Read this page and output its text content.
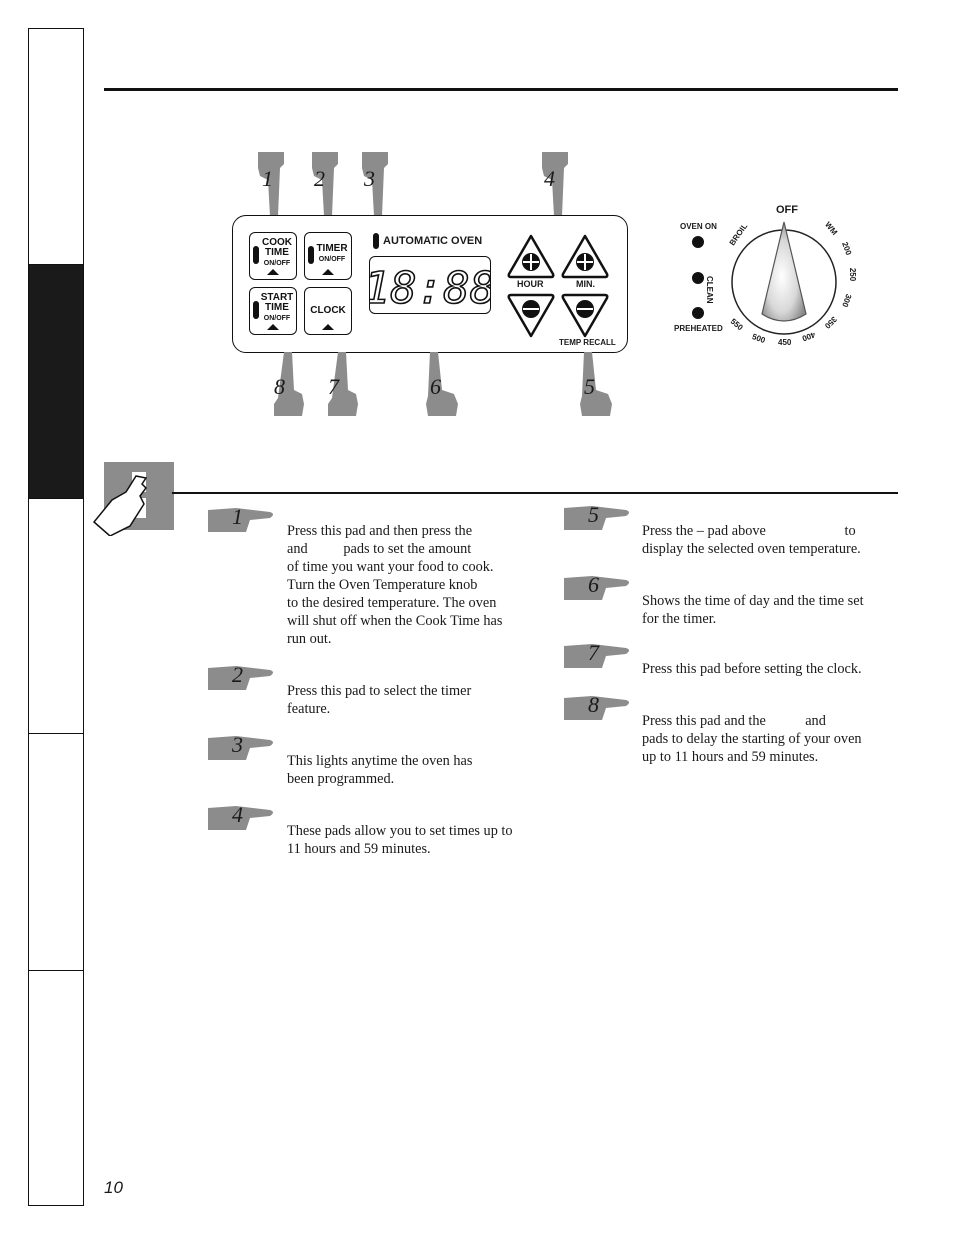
1 2 3	4
COOK
TIME
ON/OFF
TIMER
ON/OFF
START
TIME
ON/OFF
CLOCK
AUTOMATIC OVEN
18:88 HOUR	MIN.
TEMP RECALL
8 7	6	5
OVEN ON
PREHEATED
CLEAN
OFF
BROIL	WM
200
250
300
350
400
450
500
550
1
Press this pad and then press the
and          pads to set the amount
of time you want your food to cook.
Turn the Oven Temperature knob
to the desired temperature. The oven
will shut off when the Cook Time has
run out.
2
Press this pad to select the timer
feature.
3
This lights anytime the oven has
been programmed.
4
These pads allow you to set times up to
11 hours and 59 minutes.
5
Press the – pad above                      to
display the selected oven temperature.
6
Shows the time of day and the time set
for the timer.
7
Press this pad before setting the clock.
8
Press this pad and the           and
pads to delay the starting of your oven
up to 11 hours and 59 minutes.
10
